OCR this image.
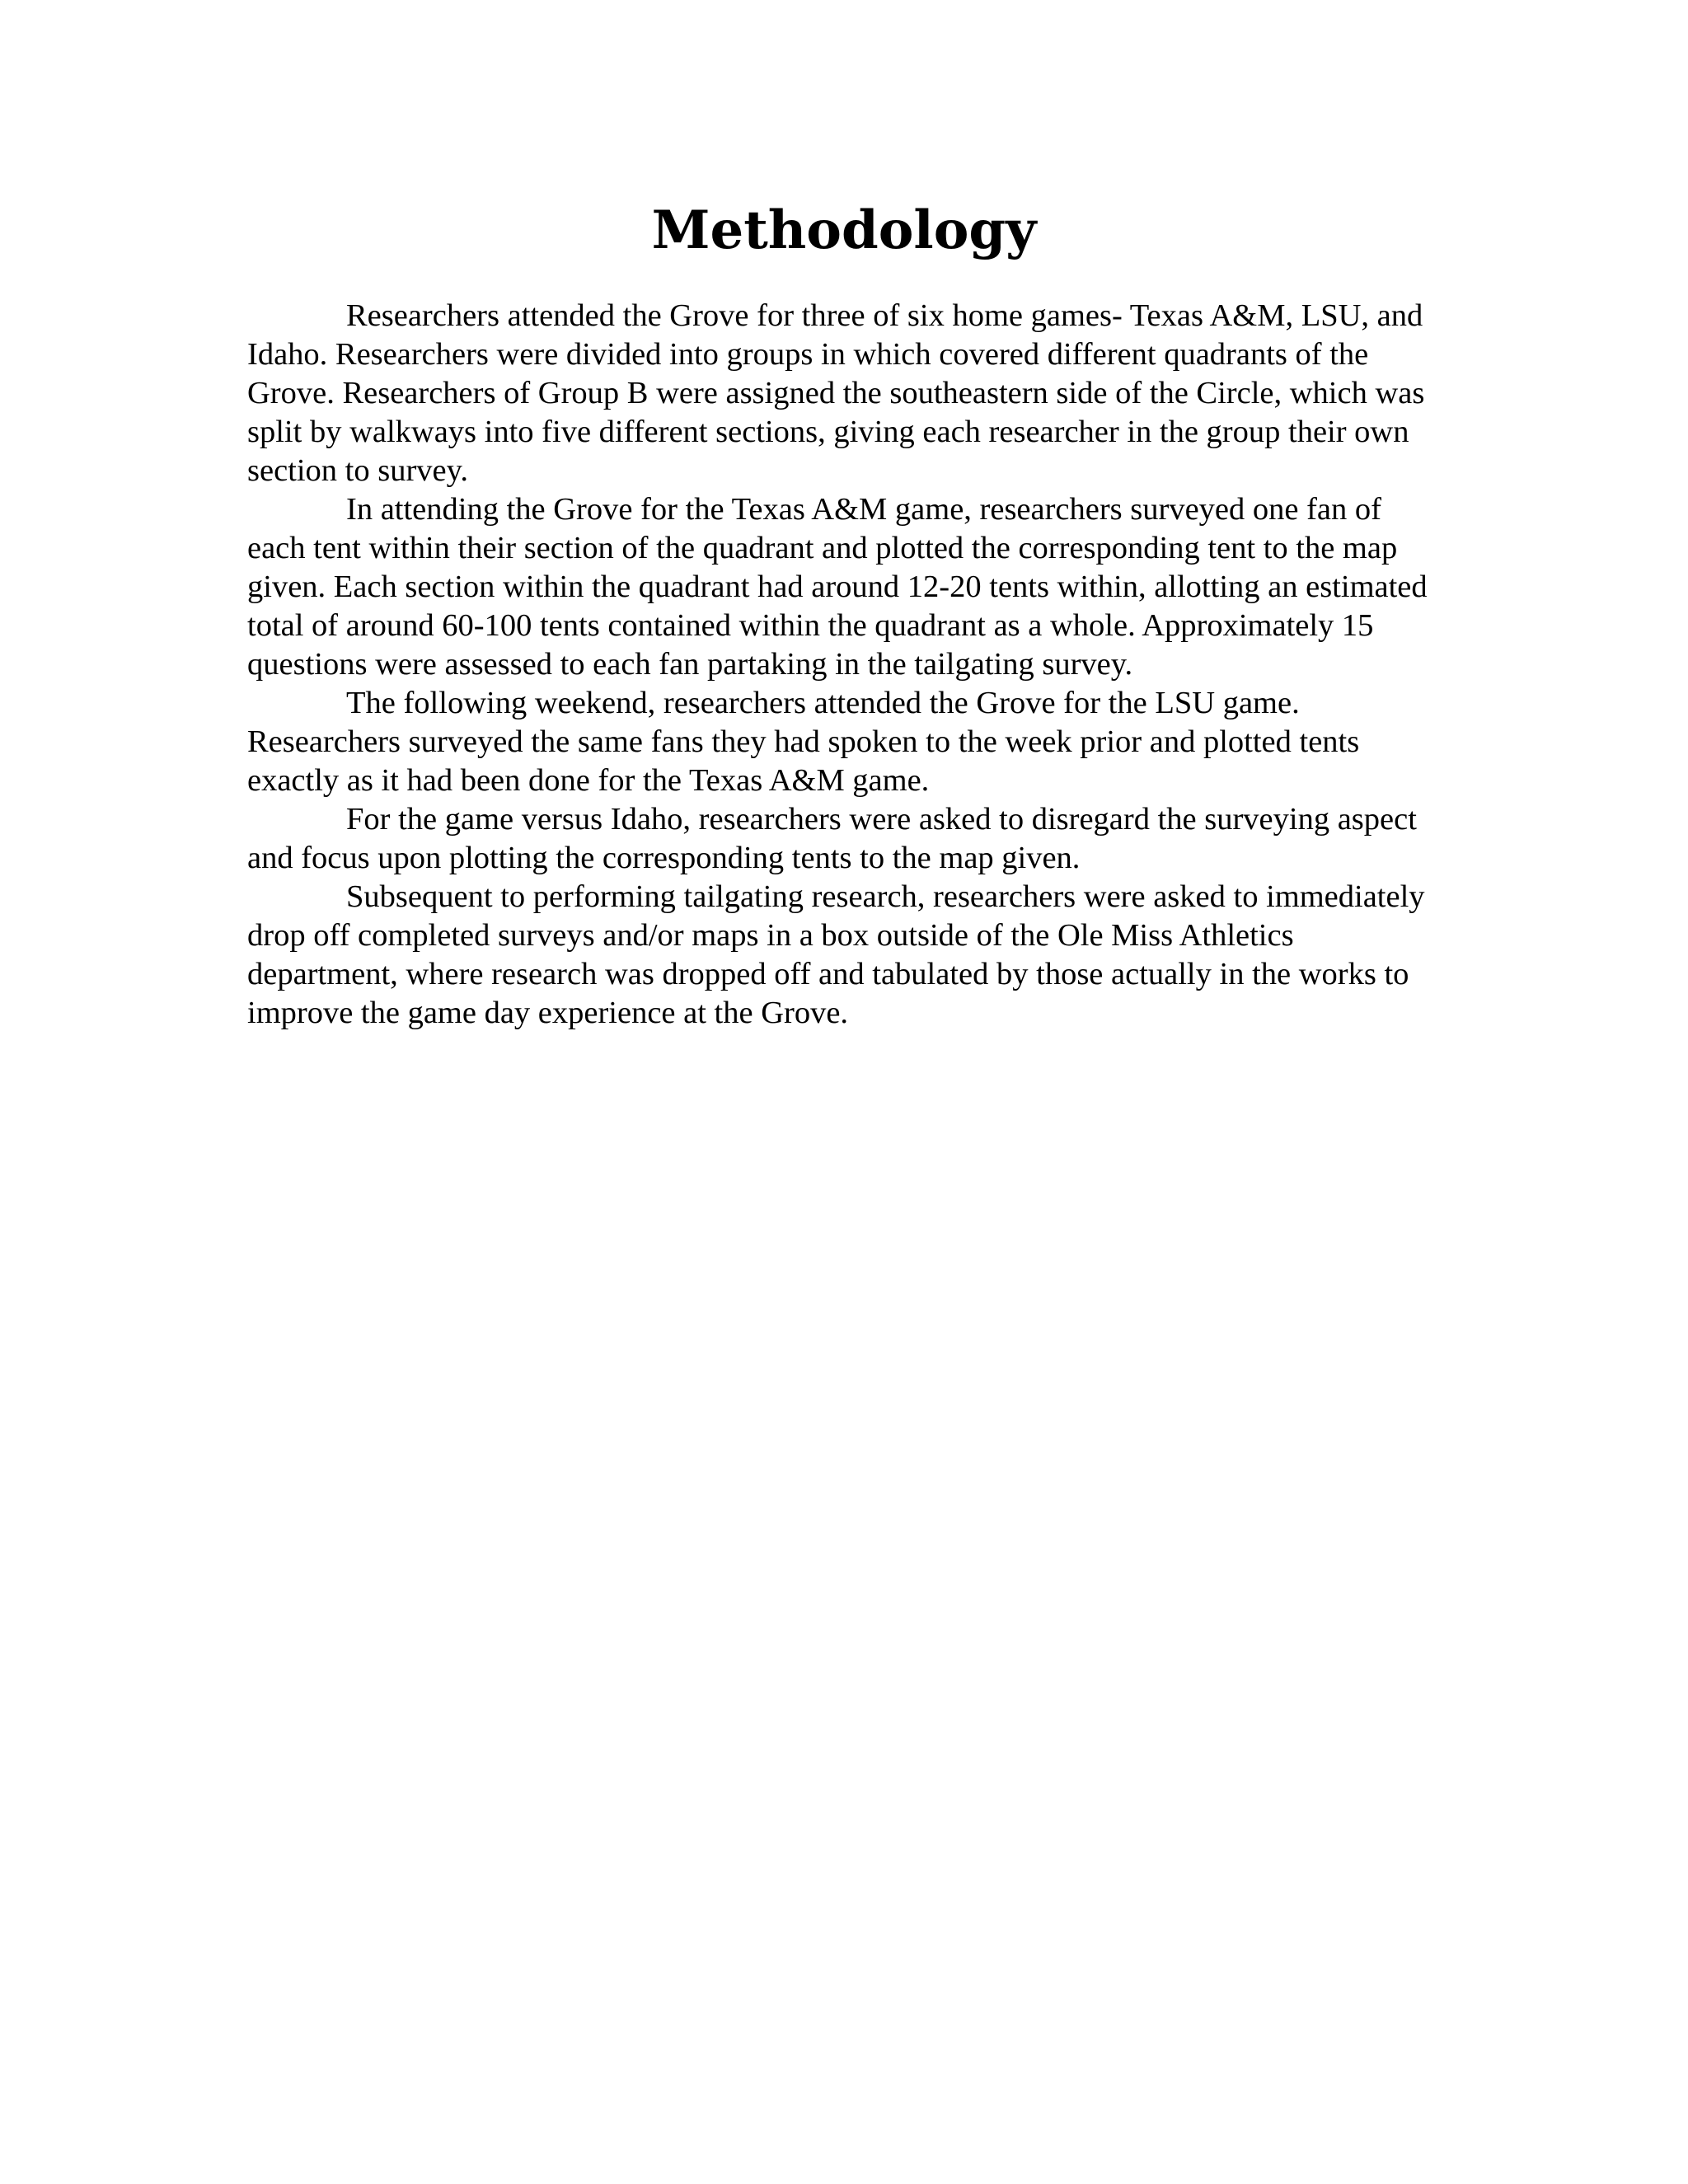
Methodology

Researchers attended the Grove for three of six home games- Texas A&M, LSU, and Idaho. Researchers were divided into groups in which covered different quadrants of the Grove. Researchers of Group B were assigned the southeastern side of the Circle, which was split by walkways into five different sections, giving each researcher in the group their own section to survey.

In attending the Grove for the Texas A&M game, researchers surveyed one fan of each tent within their section of the quadrant and plotted the corresponding tent to the map given. Each section within the quadrant had around 12-20 tents within, allotting an estimated total of around 60-100 tents contained within the quadrant as a whole. Approximately 15 questions were assessed to each fan partaking in the tailgating survey.

The following weekend, researchers attended the Grove for the LSU game. Researchers surveyed the same fans they had spoken to the week prior and plotted tents exactly as it had been done for the Texas A&M game.

For the game versus Idaho, researchers were asked to disregard the surveying aspect and focus upon plotting the corresponding tents to the map given.

Subsequent to performing tailgating research, researchers were asked to immediately drop off completed surveys and/or maps in a box outside of the Ole Miss Athletics department, where research was dropped off and tabulated by those actually in the works to improve the game day experience at the Grove.
